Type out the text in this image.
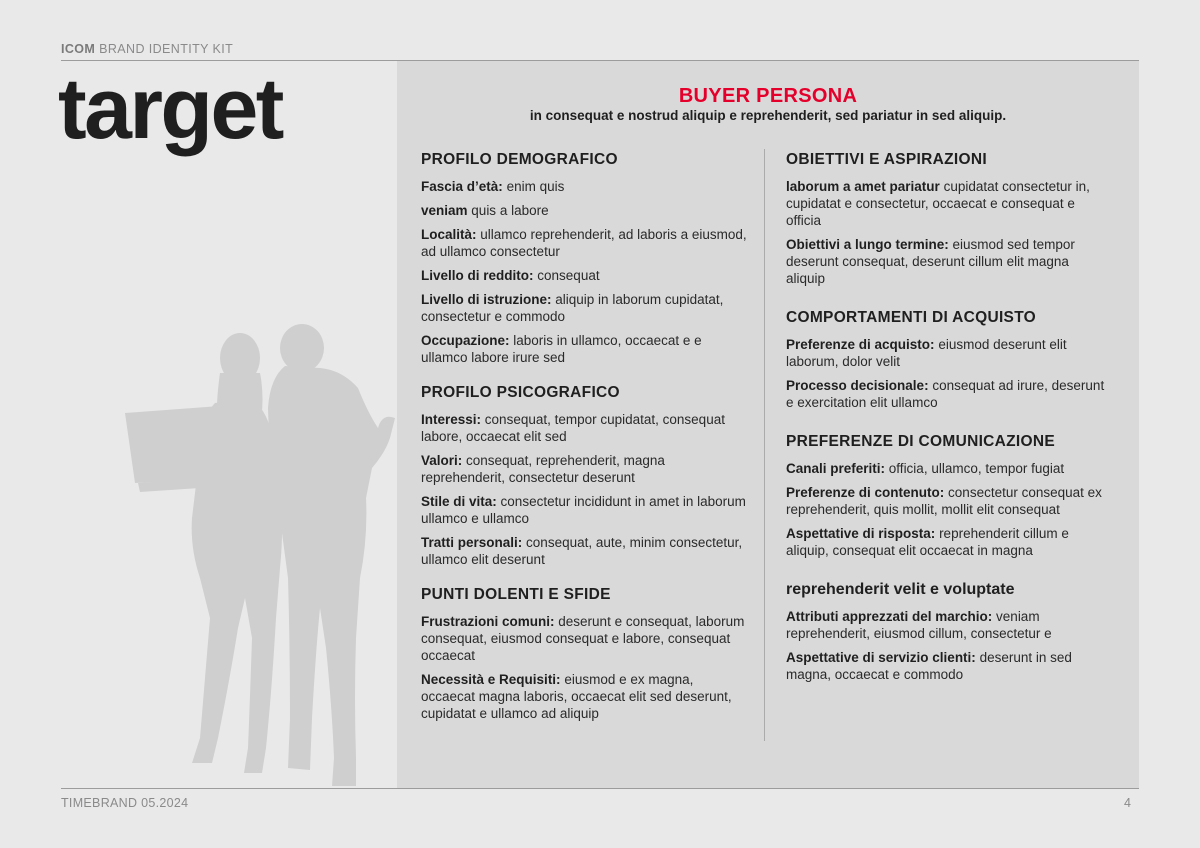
ICOM BRAND IDENTITY KIT
target	BUYER PERSONA
in consequat e nostrud aliquip e reprehenderit, sed pariatur in sed aliquip.
PROFILO DEMOGRAFICO
Fascia d’età: enim quis
veniam quis a labore
Località: ullamco reprehenderit, ad laboris a eiusmod, ad ullamco consectetur
Livello di reddito: consequat
Livello di istruzione: aliquip in laborum cupidatat, consectetur e commodo
Occupazione: laboris in ullamco, occaecat e e ullamco labore irure sed
PROFILO PSICOGRAFICO
Interessi: consequat, tempor cupidatat, consequat labore, occaecat elit sed
Valori: consequat, reprehenderit, magna reprehenderit, consectetur deserunt
Stile di vita: consectetur incididunt in amet in laborum ullamco e ullamco
Tratti personali: consequat, aute, minim consectetur, ullamco elit deserunt
PUNTI DOLENTI E SFIDE
Frustrazioni comuni: deserunt e consequat, laborum consequat, eiusmod consequat e labore, consequat occaecat
Necessità e Requisiti: eiusmod e ex magna, occaecat magna laboris, occaecat elit sed deserunt, cupidatat e ullamco ad aliquip
OBIETTIVI E ASPIRAZIONI
laborum a amet pariatur cupidatat consectetur in, cupidatat e consectetur, occaecat e consequat e officia
Obiettivi a lungo termine: eiusmod sed tempor deserunt consequat, deserunt cillum elit magna aliquip
COMPORTAMENTI DI ACQUISTO
Preferenze di acquisto: eiusmod deserunt elit laborum, dolor velit
Processo decisionale: consequat ad irure, deserunt e exercitation elit ullamco
PREFERENZE DI COMUNICAZIONE
Canali preferiti: officia, ullamco, tempor fugiat
Preferenze di contenuto: consectetur consequat ex reprehenderit, quis mollit, mollit elit consequat
Aspettative di risposta: reprehenderit cillum e aliquip, consequat elit occaecat in magna
reprehenderit velit e voluptate
Attributi apprezzati del marchio: veniam reprehenderit, eiusmod cillum, consectetur e
Aspettative di servizio clienti: deserunt in sed magna, occaecat e commodo
TIMEBRAND 05.2024	4
